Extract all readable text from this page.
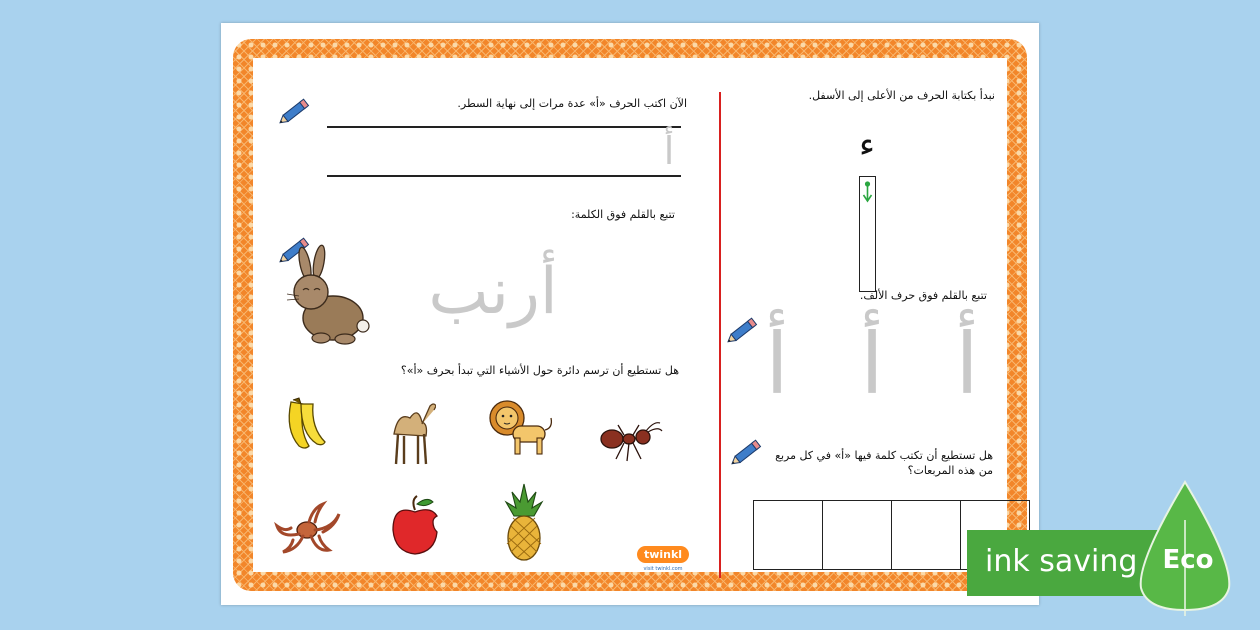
نبدأ بكتابة الحرف من الأعلى إلى الأسفل.
ء
تتبع بالقلم فوق حرف الألف.
أ أ أ
هل تستطيع أن تكتب كلمة فيها «أ» في كل مربع
من هذه المربعات؟
الآن اكتب الحرف «أ» عدة مرات إلى نهاية السطر.
أ
تتبع بالقلم فوق الكلمة:
أرنب
هل تستطيع أن ترسم دائرة حول الأشياء التي تبدأ بحرف «أ»؟
twinkl
visit twinkl.com	ink saving Eco
